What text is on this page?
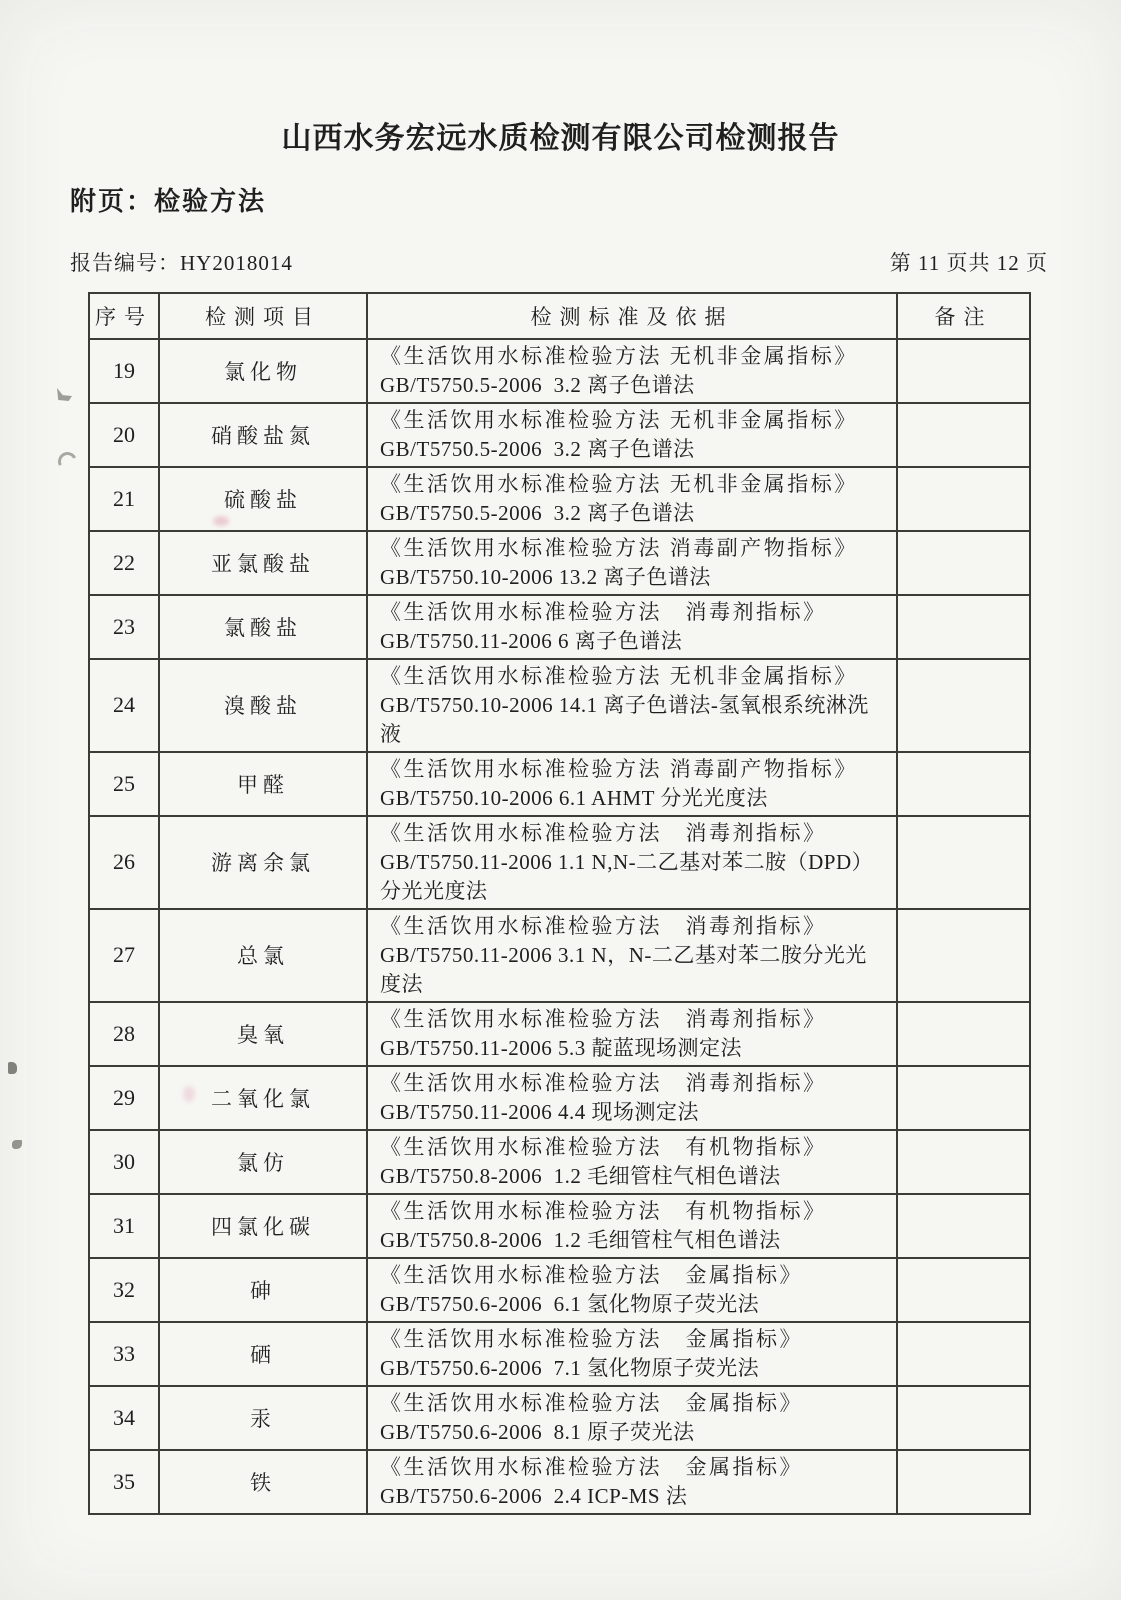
山西水务宏远水质检测有限公司检测报告
附页：检验方法
报告编号：HY2018014	第 11 页共 12 页
序号	检测项目	检测标准及依据	备注
19	氯化物	《生活饮用水标准检验方法 无机非金属指标》
GB/T5750.5-2006  3.2 离子色谱法	

20	硝酸盐氮	《生活饮用水标准检验方法 无机非金属指标》
GB/T5750.5-2006  3.2 离子色谱法	

21	硫酸盐	《生活饮用水标准检验方法 无机非金属指标》
GB/T5750.5-2006  3.2 离子色谱法	

22	亚氯酸盐	《生活饮用水标准检验方法 消毒副产物指标》
GB/T5750.10-2006 13.2 离子色谱法	

23	氯酸盐	《生活饮用水标准检验方法　消毒剂指标》
GB/T5750.11-2006 6 离子色谱法	

24	溴酸盐	《生活饮用水标准检验方法 无机非金属指标》
GB/T5750.10-2006 14.1 离子色谱法-氢氧根系统淋洗液	

25	甲醛	《生活饮用水标准检验方法 消毒副产物指标》
GB/T5750.10-2006 6.1 AHMT 分光光度法	

26	游离余氯	《生活饮用水标准检验方法　消毒剂指标》
GB/T5750.11-2006 1.1 N,N-二乙基对苯二胺（DPD）分光光度法	

27	总氯	《生活饮用水标准检验方法　消毒剂指标》
GB/T5750.11-2006 3.1 N，N-二乙基对苯二胺分光光度法	

28	臭氧	《生活饮用水标准检验方法　消毒剂指标》
GB/T5750.11-2006 5.3 靛蓝现场测定法	

29	二氧化氯	《生活饮用水标准检验方法　消毒剂指标》
GB/T5750.11-2006 4.4 现场测定法	

30	氯仿	《生活饮用水标准检验方法　有机物指标》
GB/T5750.8-2006  1.2 毛细管柱气相色谱法	

31	四氯化碳	《生活饮用水标准检验方法　有机物指标》
GB/T5750.8-2006  1.2 毛细管柱气相色谱法	

32	砷	《生活饮用水标准检验方法　金属指标》
GB/T5750.6-2006  6.1 氢化物原子荧光法	

33	硒	《生活饮用水标准检验方法　金属指标》
GB/T5750.6-2006  7.1 氢化物原子荧光法	

34	汞	《生活饮用水标准检验方法　金属指标》
GB/T5750.6-2006  8.1 原子荧光法	

35	铁	《生活饮用水标准检验方法　金属指标》
GB/T5750.6-2006  2.4 ICP-MS 法	
